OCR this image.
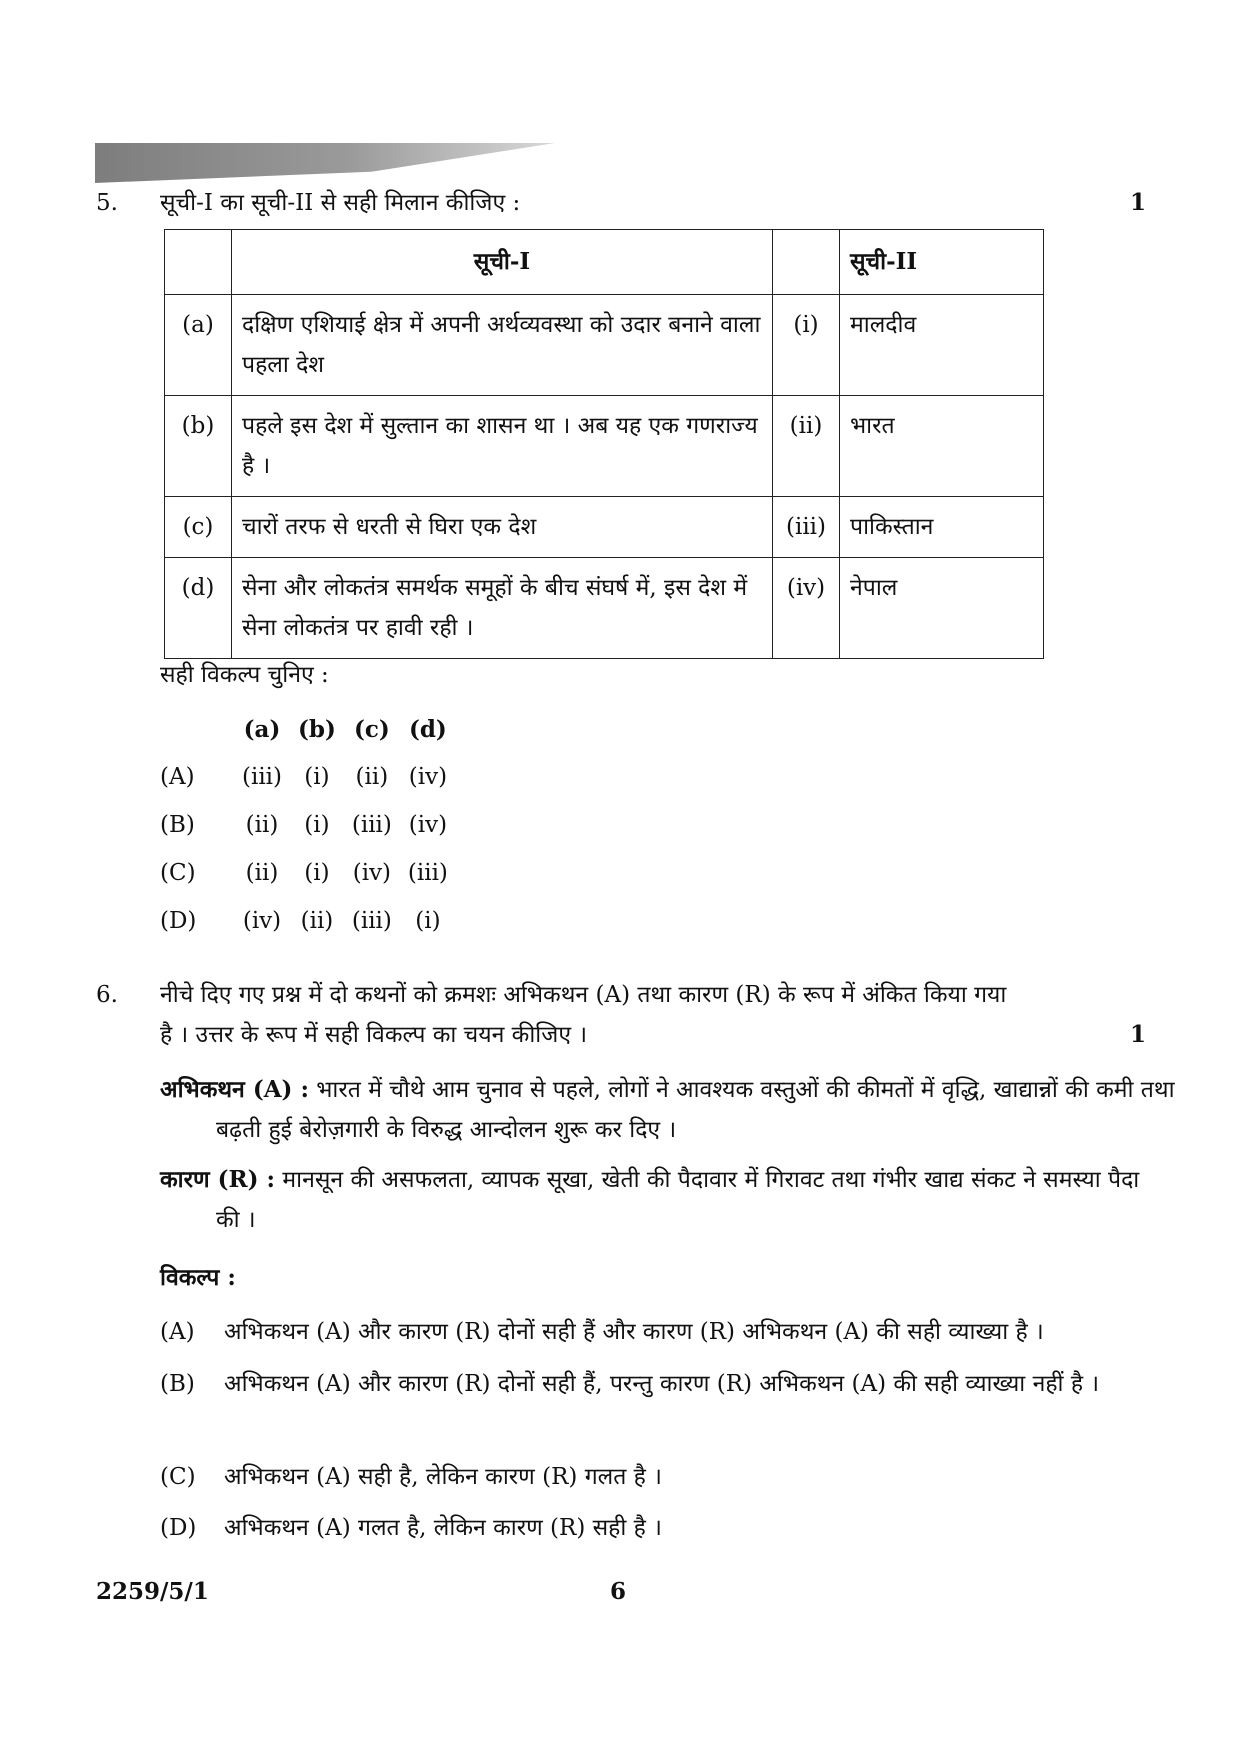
5. सूची-I का सूची-II से सही मिलान कीजिए :	1
	सूची-I		सूची-II
(a)	दक्षिण एशियाई क्षेत्र में अपनी अर्थव्यवस्था को उदार बनाने वाला पहला देश	(i)	मालदीव
(b)	पहले इस देश में सुल्तान का शासन था । अब यह एक गणराज्य है ।	(ii)	भारत
(c)	चारों तरफ से धरती से घिरा एक देश	(iii)	पाकिस्तान
(d)	सेना और लोकतंत्र समर्थक समूहों के बीच संघर्ष में, इस देश में सेना लोकतंत्र पर हावी रही ।	(iv)	नेपाल
सही विकल्प चुनिए :
	(a)	(b)	(c)	(d)
(A)	(iii)	(i)	(ii)	(iv)
(B)	(ii)	(i)	(iii)	(iv)
(C)	(ii)	(i)	(iv)	(iii)
(D)	(iv)	(ii)	(iii)	(i)
6. नीचे दिए गए प्रश्न में दो कथनों को क्रमशः अभिकथन (A) तथा कारण (R) के रूप में अंकित किया गया
है । उत्तर के रूप में सही विकल्प का चयन कीजिए ।	1
अभिकथन (A) : भारत में चौथे आम चुनाव से पहले, लोगों ने आवश्यक वस्तुओं की कीमतों में वृद्धि, खाद्यान्नों की कमी तथा बढ़ती हुई बेरोज़गारी के विरुद्ध आन्दोलन शुरू कर दिए ।
कारण (R) : मानसून की असफलता, व्यापक सूखा, खेती की पैदावार में गिरावट तथा गंभीर खाद्य संकट ने समस्या पैदा की ।
विकल्प :
(A) अभिकथन (A) और कारण (R) दोनों सही हैं और कारण (R) अभिकथन (A) की सही व्याख्या है ।
(B) अभिकथन (A) और कारण (R) दोनों सही हैं, परन्तु कारण (R) अभिकथन (A) की सही व्याख्या नहीं है ।
(C) अभिकथन (A) सही है, लेकिन कारण (R) गलत है ।
(D) अभिकथन (A) गलत है, लेकिन कारण (R) सही है ।
2259/5/1	6
